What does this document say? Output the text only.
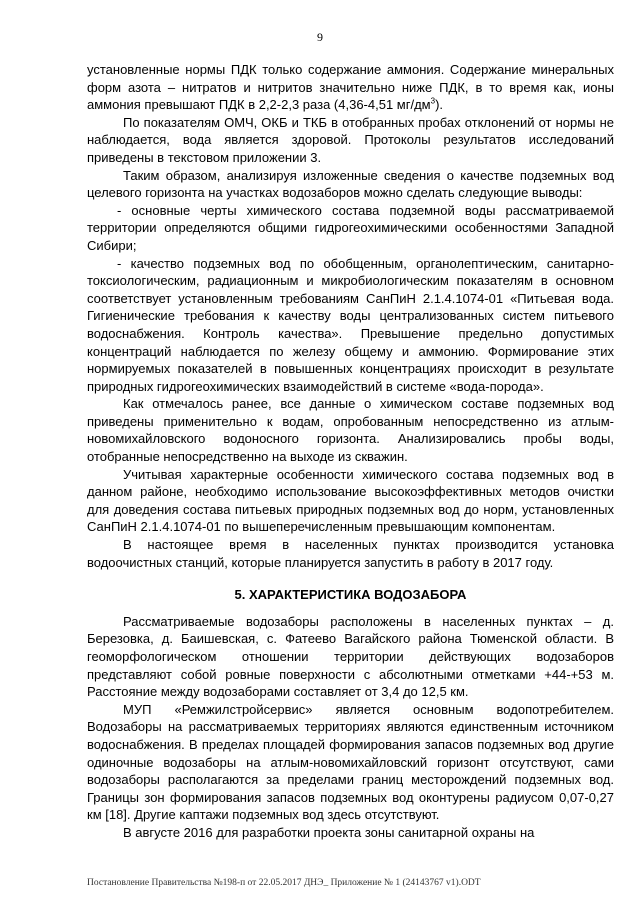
9

установленные нормы ПДК только содержание аммония. Содержание минеральных форм азота – нитратов и нитритов значительно ниже ПДК, в то время как, ионы аммония превышают ПДК в 2,2-2,3 раза (4,36-4,51 $мг/дм^3$).

По показателям ОМЧ, ОКБ и ТКБ в отобранных пробах отклонений от нормы не наблюдается, вода является здоровой. Протоколы результатов исследований приведены в текстовом приложении 3.

Таким образом, анализируя изложенные сведения о качестве подземных вод целевого горизонта на участках водозаборов можно сделать следующие выводы:

- основные черты химического состава подземной воды рассматриваемой территории определяются общими гидрогеохимическими особенностями Западной Сибири;

- качество подземных вод по обобщенным, органолептическим, санитарно-токсиологическим, радиационным и микробиологическим показателям в основном соответствует установленным требованиям СанПиН 2.1.4.1074-01 «Питьевая вода. Гигиенические требования к качеству воды централизованных систем питьевого водоснабжения. Контроль качества». Превышение предельно допустимых концентраций наблюдается по железу общему и аммонию. Формирование этих нормируемых показателей в повышенных концентрациях происходит в результате природных гидрогеохимических взаимодействий в системе «вода-порода».

Как отмечалось ранее, все данные о химическом составе подземных вод приведены применительно к водам, опробованным непосредственно из атлым-новомихайловского водоносного горизонта. Анализировались пробы воды, отобранные непосредственно на выходе из скважин.

Учитывая характерные особенности химического состава подземных вод в данном районе, необходимо использование высокоэффективных методов очистки для доведения состава питьевых природных подземных вод до норм, установленных СанПиН 2.1.4.1074-01 по вышеперечисленным превышающим компонентам.

В настоящее время в населенных пунктах производится установка водоочистных станций, которые планируется запустить в работу в 2017 году.

5. ХАРАКТЕРИСТИКА ВОДОЗАБОРА

Рассматриваемые водозаборы расположены в населенных пунктах – д. Березовка, д. Баишевская, с. Фатеево Вагайского района Тюменской области. В геоморфологическом отношении территории действующих водозаборов представляют собой ровные поверхности с абсолютными отметками +44-+53 м. Расстояние между водозаборами составляет от 3,4 до 12,5 км.

МУП «Ремжилстройсервис» является основным водопотребителем. Водозаборы на рассматриваемых территориях являются единственным источником водоснабжения. В пределах площадей формирования запасов подземных вод другие одиночные водозаборы на атлым-новомихайловский горизонт отсутствуют, сами водозаборы располагаются за пределами границ месторождений подземных вод. Границы зон формирования запасов подземных вод оконтурены радиусом 0,07-0,27 км [18]. Другие каптажи подземных вод здесь отсутствуют.

В августе 2016 для разработки проекта зоны санитарной охраны на

Постановление Правительства №198-п от 22.05.2017 ДНЭ_ Приложение № 1 (24143767 v1).ODT
